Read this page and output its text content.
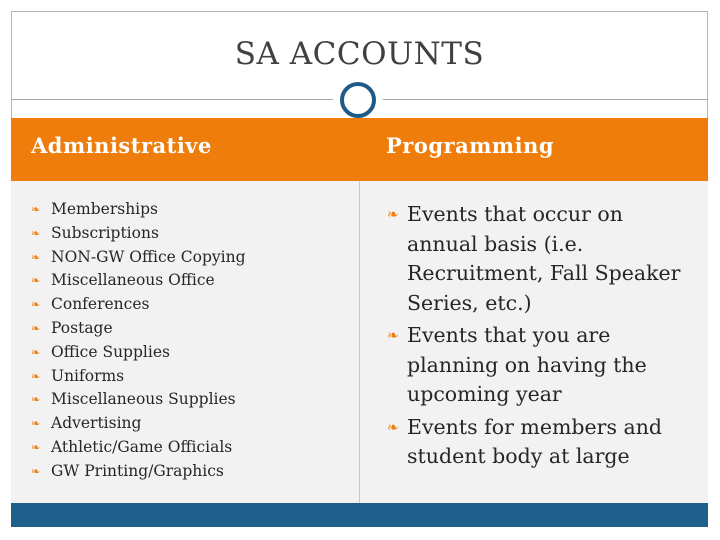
SA ACCOUNTS
Administrative	Programming
❧ Memberships
❧ Subscriptions
❧ NON-GW Office Copying
❧ Miscellaneous Office
❧ Conferences
❧ Postage
❧ Office Supplies
❧ Uniforms
❧ Miscellaneous Supplies
❧ Advertising
❧ Athletic/Game Officials
❧ GW Printing/Graphics
❧ Events that occur on annual basis (i.e. Recruitment, Fall Speaker Series, etc.)
❧ Events that you are planning on having the upcoming year
❧ Events for members and student body at large
